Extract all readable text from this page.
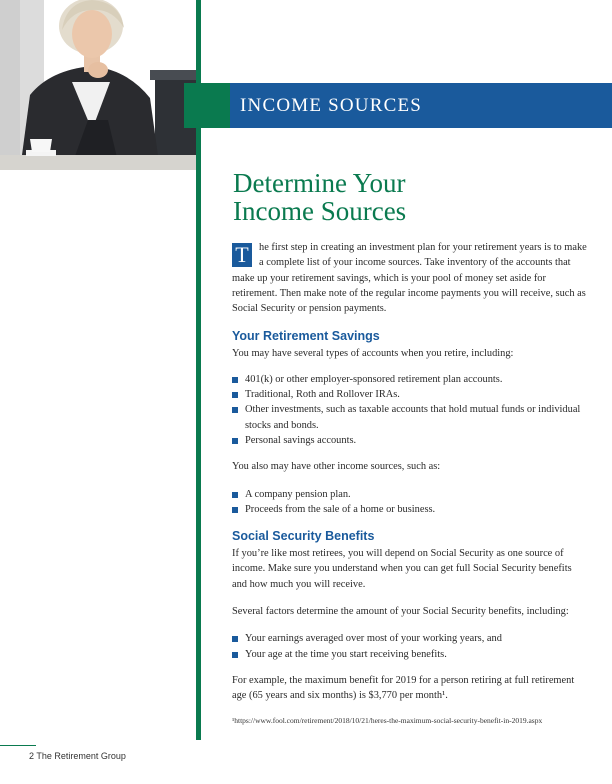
INCOME SOURCES
Determine Your
Income Sources

T he first step in creating an investment plan for your retirement years is to make a complete list of your income sources. Take inventory of the accounts that make up your retirement savings, which is your pool of money set aside for retirement. Then make note of the regular income payments you will receive, such as Social Security or pension payments.

Your Retirement Savings

You may have several types of accounts when you retire, including:

401(k) or other employer-sponsored retirement plan accounts.
Traditional, Roth and Rollover IRAs.
Other investments, such as taxable accounts that hold mutual funds or individual stocks and bonds.
Personal savings accounts.

You also may have other income sources, such as:

A company pension plan.
Proceeds from the sale of a home or business.
Social Security Benefits

If you’re like most retirees, you will depend on Social Security as one source of income. Make sure you understand when you can get full Social Security benefits and how much you will receive.

Several factors determine the amount of your Social Security benefits, including:

Your earnings averaged over most of your working years, and
Your age at the time you start receiving benefits.

For example, the maximum benefit for 2019 for a person retiring at full retirement age (65 years and six months) is $3,770 per month¹.

¹https://www.fool.com/retirement/2018/10/21/heres-the-maximum-social-security-benefit-in-2019.aspx
2 The Retirement Group
